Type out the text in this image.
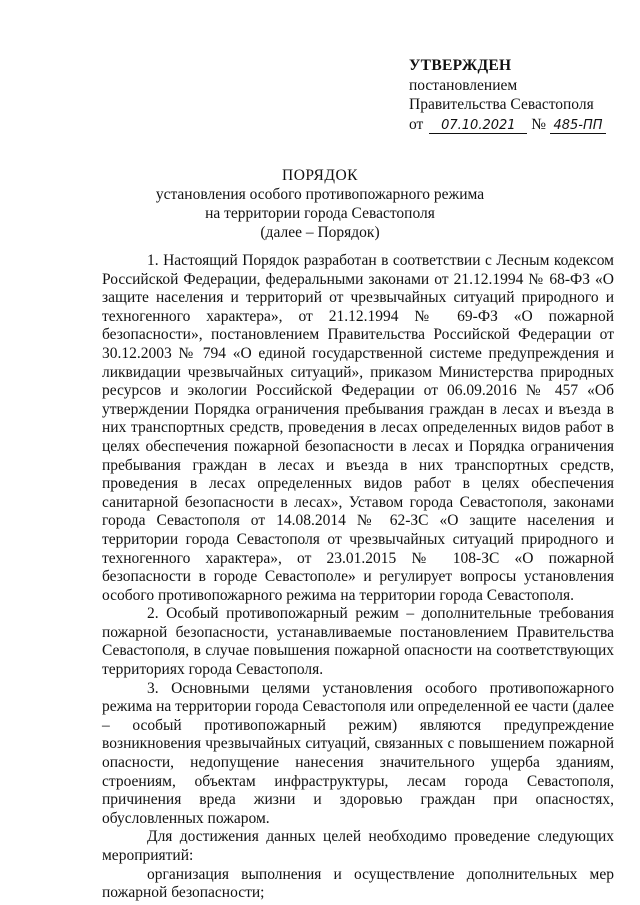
УТВЕРЖДЕН
постановлением
Правительства Севастополя
от 07.10.2021 № 485-ПП
ПОРЯДОК
установления особого противопожарного режима
на территории города Севастополя
(далее – Порядок)

1. Настоящий Порядок разработан в соответствии с Лесным кодексом Российской Федерации, федеральными законами от 21.12.1994 № 68-ФЗ «О защите населения и территорий от чрезвычайных ситуаций природного и техногенного характера», от 21.12.1994 № 69-ФЗ «О пожарной безопасности», постановлением Правительства Российской Федерации от 30.12.2003 № 794 «О единой государственной системе предупреждения и ликвидации чрезвычайных ситуаций», приказом Министерства природных ресурсов и экологии Российской Федерации от 06.09.2016 № 457 «Об утверждении Порядка ограничения пребывания граждан в лесах и въезда в них транспортных средств, проведения в лесах определенных видов работ в целях обеспечения пожарной безопасности в лесах и Порядка ограничения пребывания граждан в лесах и въезда в них транспортных средств, проведения в лесах определенных видов работ в целях обеспечения санитарной безопасности в лесах», Уставом города Севастополя, законами города Севастополя от 14.08.2014 № 62-ЗС «О защите населения и территории города Севастополя от чрезвычайных ситуаций природного и техногенного характера», от 23.01.2015 № 108-ЗС «О пожарной безопасности в городе Севастополе» и регулирует вопросы установления особого противопожарного режима на территории города Севастополя.

2. Особый противопожарный режим – дополнительные требования пожарной безопасности, устанавливаемые постановлением Правительства Севастополя, в случае повышения пожарной опасности на соответствующих территориях города Севастополя.

3. Основными целями установления особого противопожарного режима на территории города Севастополя или определенной ее части (далее – особый противопожарный режим) являются предупреждение возникновения чрезвычайных ситуаций, связанных с повышением пожарной опасности, недопущение нанесения значительного ущерба зданиям, строениям, объектам инфраструктуры, лесам города Севастополя, причинения вреда жизни и здоровью граждан при опасностях, обусловленных пожаром.

Для достижения данных целей необходимо проведение следующих мероприятий:

организация выполнения и осуществление дополнительных мер пожарной безопасности;
